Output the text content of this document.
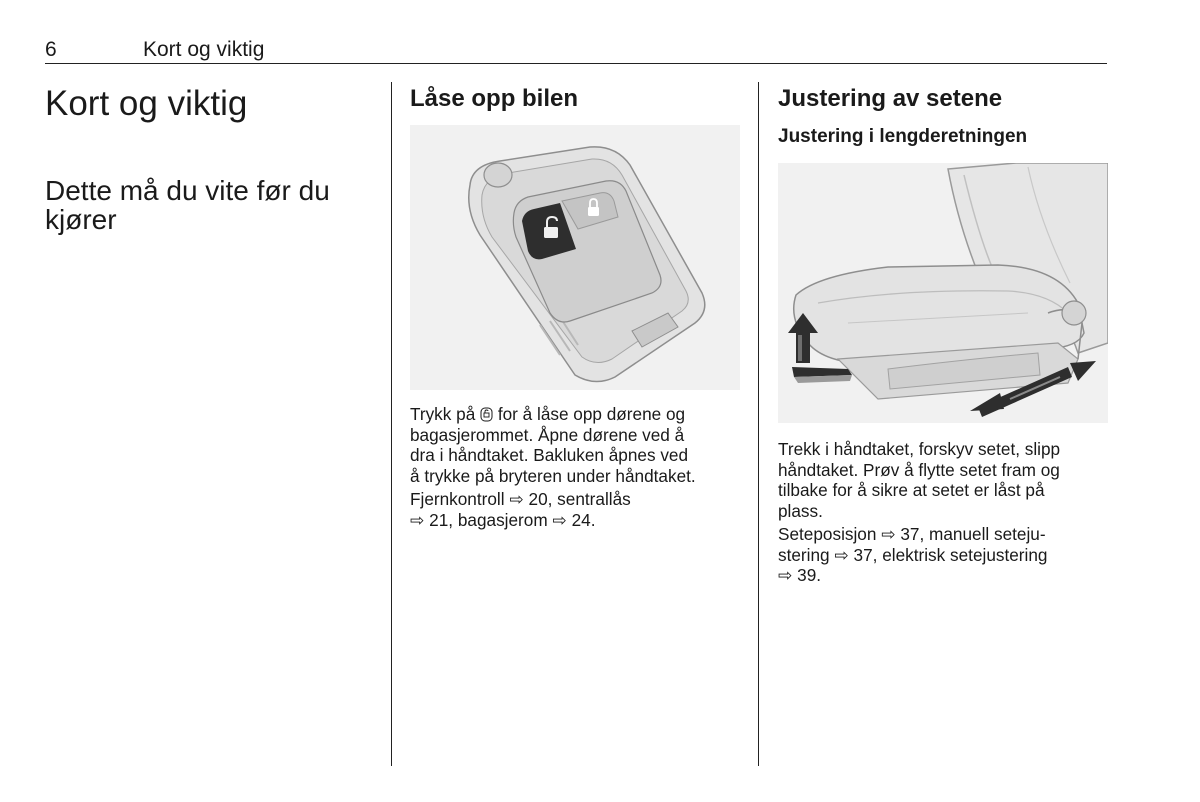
6	Kort og viktig
Kort og viktig
Dette må du vite før du
kjører
Låse opp bilen

Trykk på for å låse opp dørene og
bagasjerommet. Åpne dørene ved å
dra i håndtaket. Bakluken åpnes ved
å trykke på bryteren under håndtaket.

Fjernkontroll ⇨ 20, sentrallås
⇨ 21, bagasjerom ⇨ 24.

Justering av setene
Justering i lengderetningen

Trekk i håndtaket, forskyv setet, slipp
håndtaket. Prøv å flytte setet fram og
tilbake for å sikre at setet er låst på
plass.

Seteposisjon ⇨ 37, manuell seteju-
stering ⇨ 37, elektrisk setejustering
⇨ 39.
